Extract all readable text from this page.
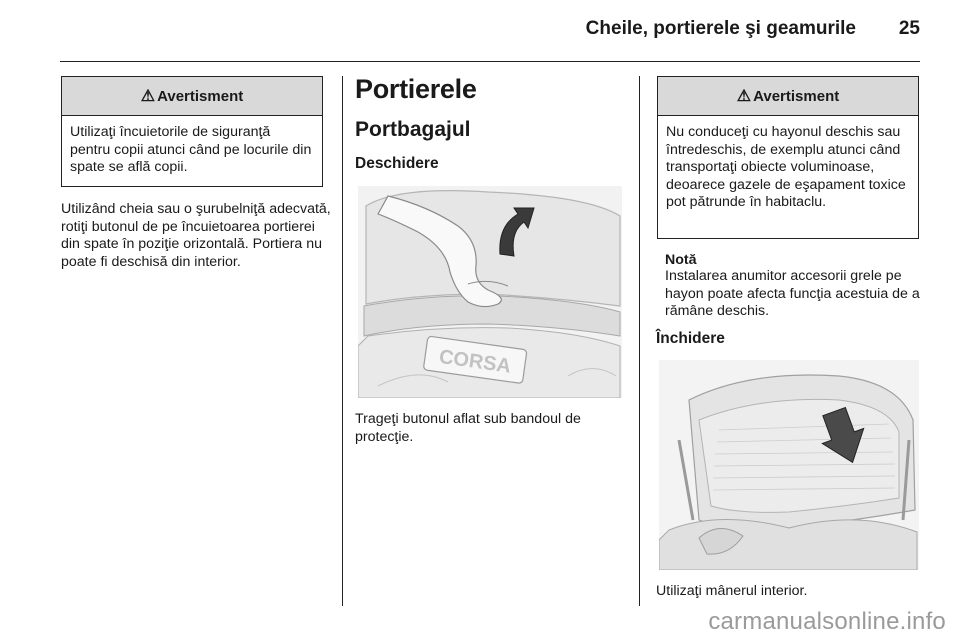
Cheile, portierele şi geamurile 25
⚠ Avertisment
Utilizaţi încuietorile de siguranţă pentru copii atunci când pe locurile din spate se află copii.
Utilizând cheia sau o şurubelniţă adecvată, rotiţi butonul de pe încuietoarea portierei din spate în poziţie orizontală. Portiera nu poate fi deschisă din interior.
Portierele
Portbagajul
Deschidere
CORSA
Trageţi butonul aflat sub bandoul de protecţie.
⚠ Avertisment
Nu conduceţi cu hayonul deschis sau întredeschis, de exemplu atunci când transportaţi obiecte voluminoase, deoarece gazele de eşapament toxice pot pătrunde în habitaclu.
Notă
Instalarea anumitor accesorii grele pe hayon poate afecta funcţia acestuia de a rămâne deschis.
Închidere
Utilizaţi mânerul interior.
carmanualsonline.info
